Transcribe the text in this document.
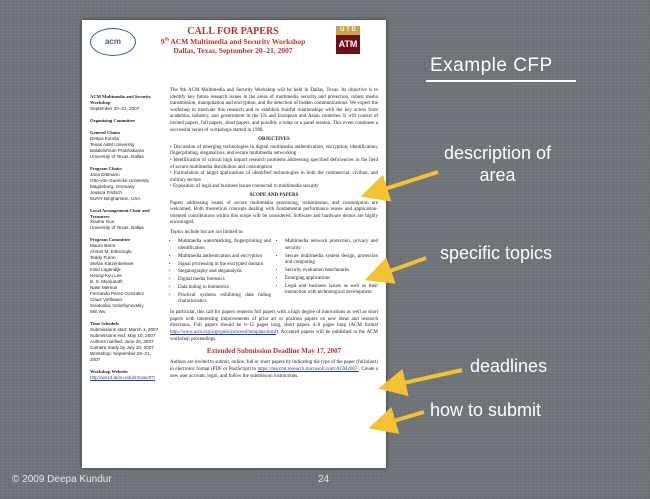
acm
U T D
ATM
CALL FOR PAPERS
9th ACM Multimedia and Security Workshop
Dallas, Texas, September 20–21, 2007
ACM Multimedia and Security Workshop
September 20–21, 2007
Organizing Committee
General Chairs
Deepa Kundur
Texas A&M University
Balakrishnan Prabhakaran
University of Texas, Dallas
Program Chairs
Jana Dittmann
Otto-von-Guericke University
Magdeburg, Germany
Jessica Fridrich
SUNY Binghamton, USA
Local Arrangement Chair and Treasurer
Xiaohu Guo
University of Texas, Dallas
Program Committee
Mauro Barni
Ahmet M. Eskicioglu
Teddy Furon
Stefan Katzenbeisser
Insid Lagendijk
Heung-Kyu Lee
B. S. Manjunath
Nasir Memon
Fernando Perez-Gonzalez
Claus Vielhauer
Sviatoslav Voloshynovskiy
Min Wu
Time Schedule
Submissions start: March 1, 2007
Submissions end: May 10, 2007
Authors notified: June 25, 2007
Camera ready by July 20, 2007
Workshop: September 20–21, 2007
Workshop Website:
http://ws13.tamu.edu/mmsec07/

The 9th ACM Multimedia and Security Workshop will be held in Dallas, Texas. Its objective is to identify key future research issues in the areas of multimedia security and protection, robust media transmission, manipulation and encryption, and the detection of hidden communications. We expect the workshop to motivate this research and to establish fruitful relationships with the key actors from academia, industry, and government in the US and European and Asian countries. It will consist of invited papers, full papers, short papers, and possibly a rump or a panel session. This event continues a successful series of workshops started in 1998.

OBJECTIVES

• Discussion of emerging technologies in digital multimedia authentication, encryption, identification, fingerprinting, steganalysis, and secure multimedia networking

• Identification of critical high impact research problems addressing specified deficiencies in the field of secure multimedia distribution and consumption

• Formulation of target applications of identified technologies in both the commercial, civilian, and military sectors

• Exposition of legal and business issues connected to multimedia security

SCOPE AND PAPERS

Papers addressing issues of secure multimedia processing, transmission, and consumption are welcomed. Both theoretical concepts dealing with fundamental performance issues and application-oriented contributions within this scope will be considered. Software and hardware demos are highly encouraged.

Topics include but are not limited to:

• Multimedia watermarking, fingerprinting and identification
• Multimedia authentication and encryption
• Signal processing in the encrypted domain
• Steganography and steganalysis
• Digital media forensics
• Data hiding in biometrics
• Practical systems exhibiting data hiding characteristics
• Multimedia network protection, privacy and security
• Secure multimedia system design, protection and computing
• Security evaluation benchmarks
• Emerging applications
• Legal and business issues as well as their interaction with technological development

In particular, this call for papers requests full papers with a high degree of innovations as well as short papers with interesting improvements of prior art or position papers on new ideas and research directions. Full papers should be 6–12 pages long, short papers 4–6 pages long (ACM format http://www.acm.org/sigs/pubs/proceed/template.html). Accepted papers will be published in the ACM workshop proceedings.

Extended Submission Deadline May 17, 2007

Authors are invited to submit, online, full or short papers by indicating the type of the paper (full/short) in electronic format (PDF or PostScript) to https://msrcmt.research.microsoft.com/ACM2007/. Create a new user account, login, and follow the submission instructions.

Example CFP
description of area
specific topics
deadlines
how to submit
© 2009 Deepa Kundur	24
